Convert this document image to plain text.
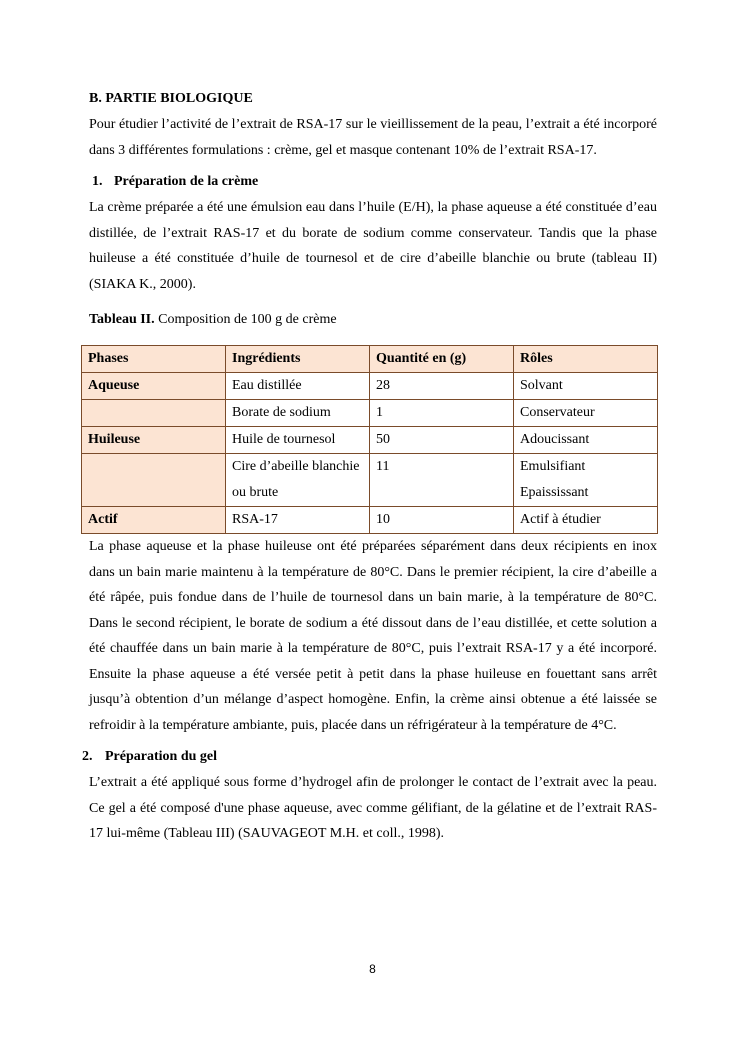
B. PARTIE BIOLOGIQUE

Pour étudier l’activité de l’extrait de RSA-17 sur le vieillissement de la peau, l’extrait a été incorporé dans 3 différentes formulations : crème, gel et masque contenant 10% de l’extrait RSA-17.

1. Préparation de la crème

La crème préparée a été une émulsion eau dans l’huile (E/H), la phase aqueuse a été constituée d’eau distillée, de l’extrait RAS-17 et du borate de sodium comme conservateur. Tandis que la phase huileuse a été constituée d’huile de tournesol et de cire d’abeille blanchie ou brute (tableau II) (SIAKA K., 2000).

Tableau II. Composition de 100 g de crème
Phases	Ingrédients	Quantité en (g)	Rôles
Aqueuse	Eau distillée	28	Solvant
	Borate de sodium	1	Conservateur
Huileuse	Huile de tournesol	50	Adoucissant
	Cire d’abeille blanchie ou brute	11	Emulsifiant Epaississant
Actif	RSA-17	10	Actif à étudier

La phase aqueuse et la phase huileuse ont été préparées séparément dans deux récipients en inox dans un bain marie maintenu à la température de 80°C. Dans le premier récipient, la cire d’abeille a été râpée, puis fondue dans de l’huile de tournesol dans un bain marie, à la température de 80°C. Dans le second récipient, le borate de sodium a été dissout dans de l’eau distillée, et cette solution a été chauffée dans un bain marie à la température de 80°C, puis l’extrait RSA-17 y a été incorporé. Ensuite la phase aqueuse a été versée petit à petit dans la phase huileuse en fouettant sans arrêt jusqu’à obtention d’un mélange d’aspect homogène. Enfin, la crème ainsi obtenue a été laissée se refroidir à la température ambiante, puis, placée dans un réfrigérateur à la température de 4°C.

2. Préparation du gel

L’extrait a été appliqué sous forme d’hydrogel afin de prolonger le contact de l’extrait avec la peau. Ce gel a été composé d'une phase aqueuse, avec comme gélifiant, de la gélatine et de l’extrait RAS-17 lui-même (Tableau III) (SAUVAGEOT M.H. et coll., 1998).

8
